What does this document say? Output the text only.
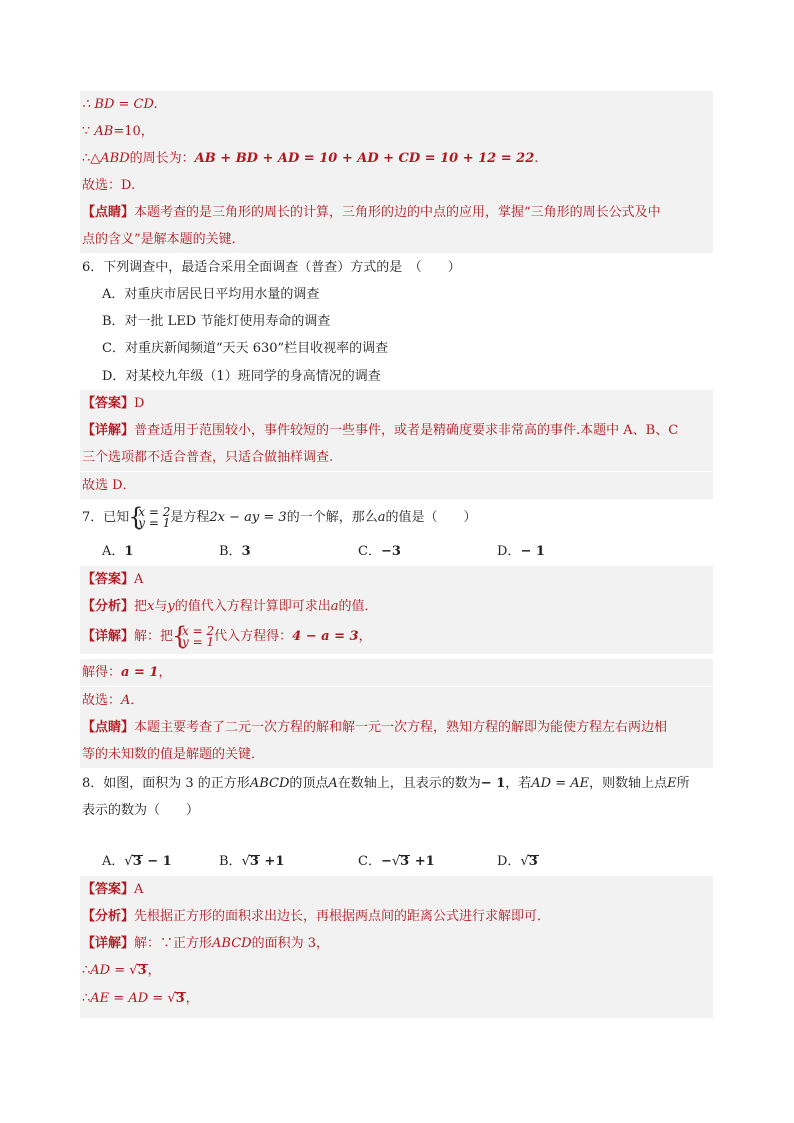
∴ BD = CD.
∵ AB=10，
∴△ABD的周长为：AB + BD + AD = 10 + AD + CD = 10 + 12 = 22.
故选：D.
【点睛】本题考查的是三角形的周长的计算，三角形的边的中点的应用，掌握“三角形的周长公式及中
点的含义”是解本题的关键．
6．下列调查中，最适合采用全面调查（普查）方式的是　（　　）
A．对重庆市居民日平均用水量的调查
B．对一批 LED 节能灯使用寿命的调查
C．对重庆新闻频道“天天 630”栏目收视率的调查
D．对某校九年级（1）班同学的身高情况的调查
【答案】D
【详解】普查适用于范围较小，事件较短的一些事件，或者是精确度要求非常高的事件.本题中 A、B、C
三个选项都不适合普查，只适合做抽样调查.
故选 D．
7．已知 { x = 2
y = 1 是方程2x − ay = 3的一个解，那么a的值是（　　）
A．1	B．3	C．−3	D．− 1
【答案】A
【分析】把x与y的值代入方程计算即可求出a的值．
【详解】解：把 { x = 2
y = 1 代入方程得：4 − a = 3，
解得：a = 1，
故选：A．
【点睛】本题主要考查了二元一次方程的解和解一元一次方程，熟知方程的解即为能使方程左右两边相
等的未知数的值是解题的关键．
8．如图，面积为 3 的正方形ABCD的顶点A在数轴上，且表示的数为− 1，若AD = AE，则数轴上点E所
表示的数为（　　）
A．√3 − 1	B．√3 +1	C．−√3 +1	D．√3
【答案】A
【分析】先根据正方形的面积求出边长，再根据两点间的距离公式进行求解即可．
【详解】解：∵正方形ABCD的面积为 3，
∴AD = √3，
∴AE = AD = √3，
